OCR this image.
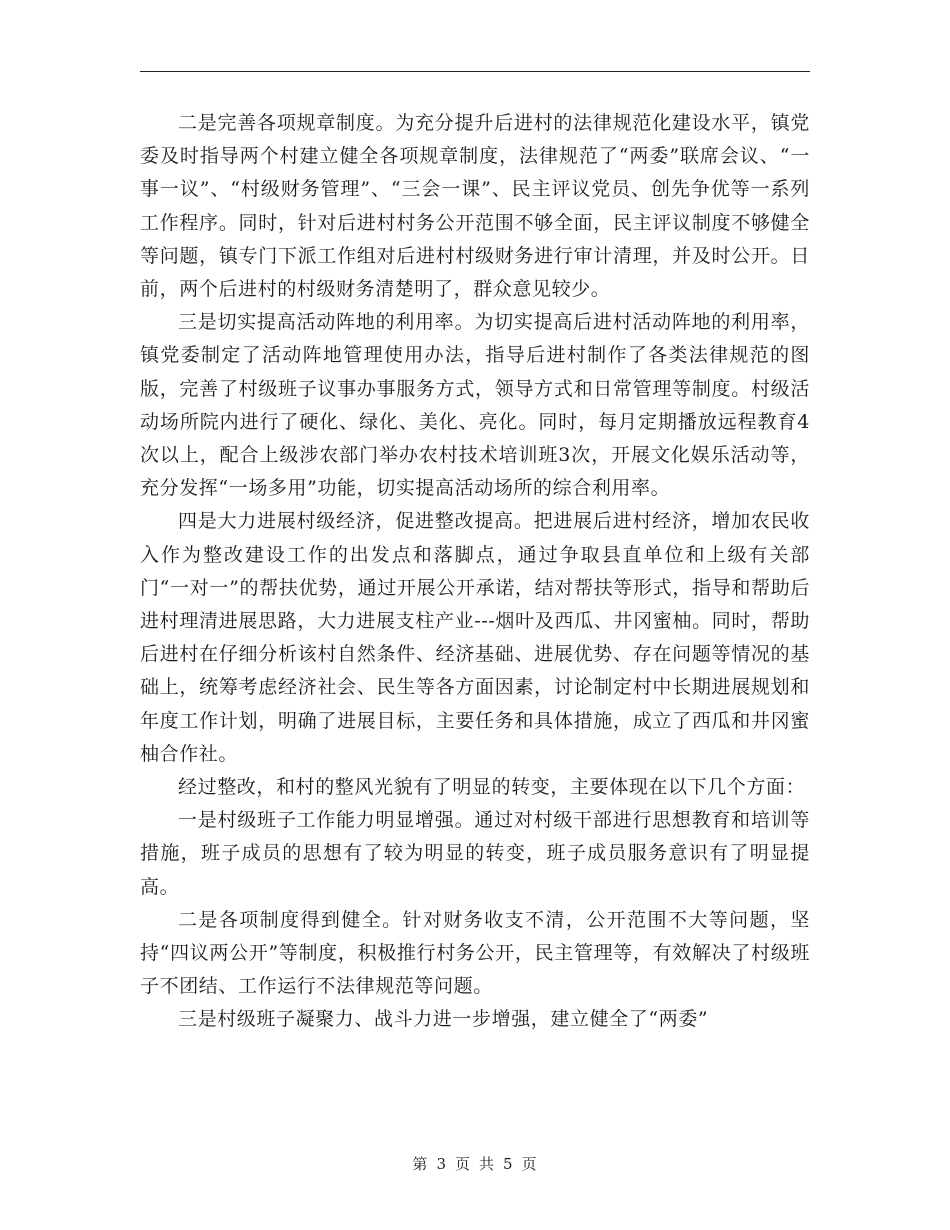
二是完善各项规章制度。为充分提升后进村的法律规范化建设水平，镇党委及时指导两个村建立健全各项规章制度，法律规范了“两委”联席会议、“一事一议”、“村级财务管理”、“三会一课”、民主评议党员、创先争优等一系列工作程序。同时，针对后进村村务公开范围不够全面，民主评议制度不够健全等问题，镇专门下派工作组对后进村村级财务进行审计清理，并及时公开。日前，两个后进村的村级财务清楚明了，群众意见较少。

三是切实提高活动阵地的利用率。为切实提高后进村活动阵地的利用率，镇党委制定了活动阵地管理使用办法，指导后进村制作了各类法律规范的图版，完善了村级班子议事办事服务方式，领导方式和日常管理等制度。村级活动场所院内进行了硬化、绿化、美化、亮化。同时，每月定期播放远程教育4次以上，配合上级涉农部门举办农村技术培训班3次，开展文化娱乐活动等，充分发挥“一场多用”功能，切实提高活动场所的综合利用率。

四是大力进展村级经济，促进整改提高。把进展后进村经济，增加农民收入作为整改建设工作的出发点和落脚点，通过争取县直单位和上级有关部门“一对一”的帮扶优势，通过开展公开承诺，结对帮扶等形式，指导和帮助后进村理清进展思路，大力进展支柱产业---烟叶及西瓜、井冈蜜柚。同时，帮助后进村在仔细分析该村自然条件、经济基础、进展优势、存在问题等情况的基础上，统筹考虑经济社会、民生等各方面因素，讨论制定村中长期进展规划和年度工作计划，明确了进展目标，主要任务和具体措施，成立了西瓜和井冈蜜柚合作社。

经过整改，和村的整风光貌有了明显的转变，主要体现在以下几个方面：

一是村级班子工作能力明显增强。通过对村级干部进行思想教育和培训等措施，班子成员的思想有了较为明显的转变，班子成员服务意识有了明显提高。

二是各项制度得到健全。针对财务收支不清，公开范围不大等问题，坚持“四议两公开”等制度，积极推行村务公开，民主管理等，有效解决了村级班子不团结、工作运行不法律规范等问题。

三是村级班子凝聚力、战斗力进一步增强，建立健全了“两委”

第 3 页 共 5 页
